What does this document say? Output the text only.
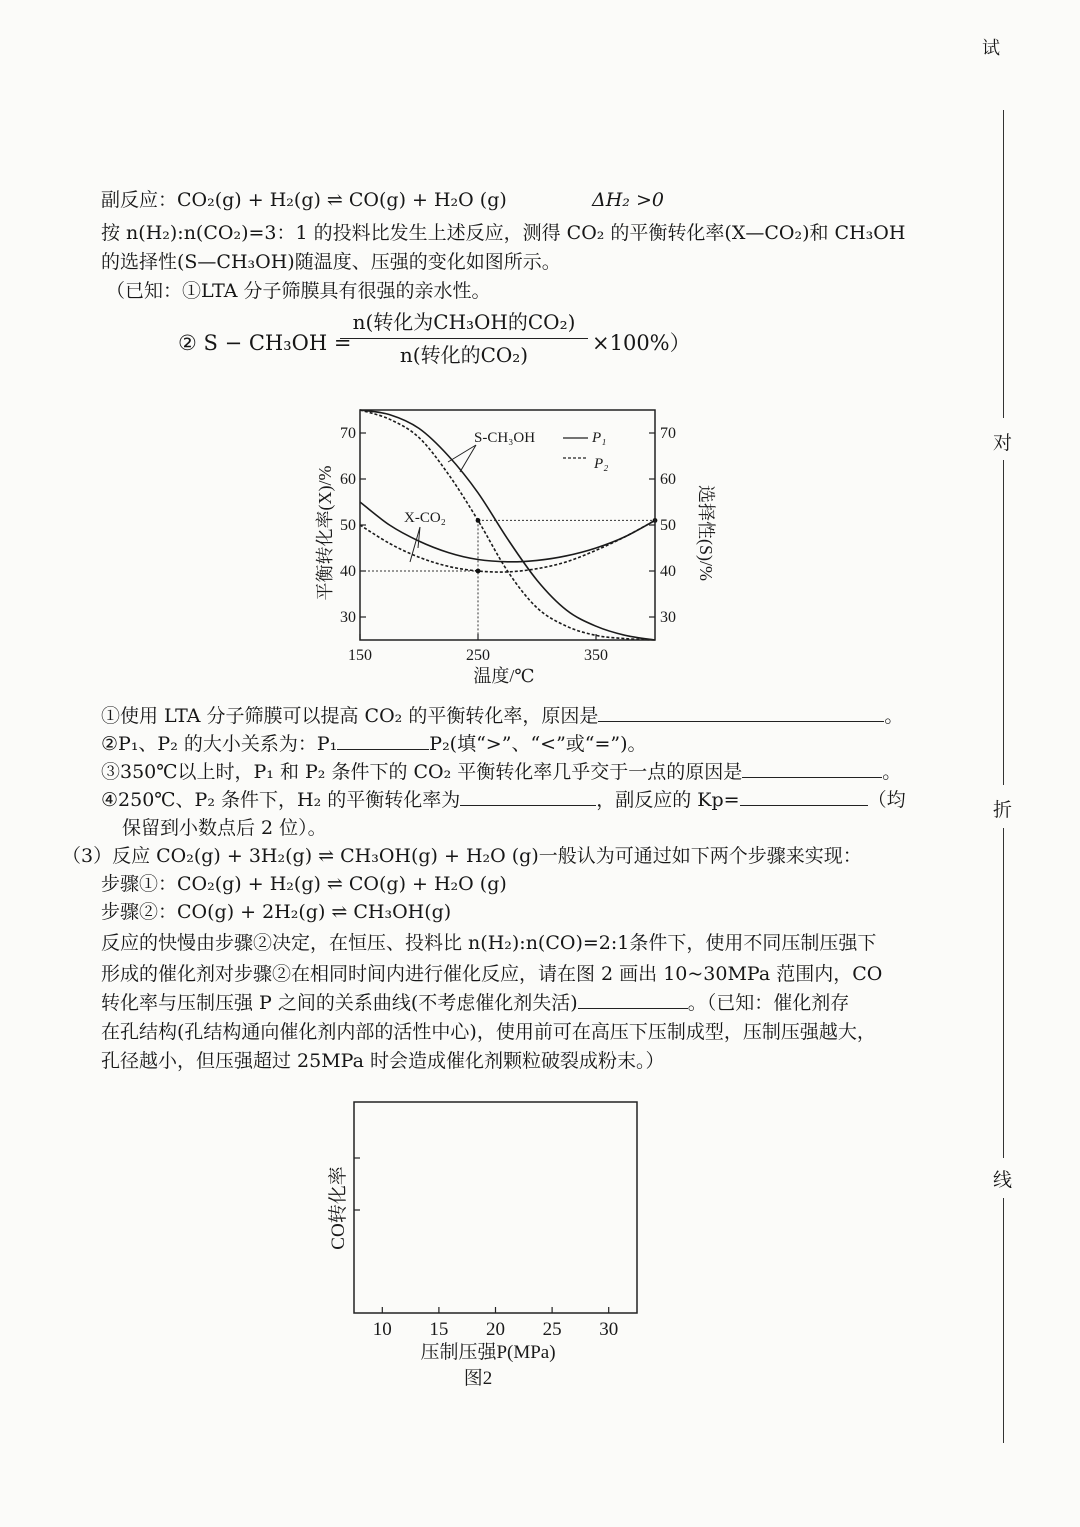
试
对
折
线
副反应：CO₂(g) + H₂(g) ⇌ CO(g) + H₂O (g)	ΔH₂ >0
按 n(H₂):n(CO₂)=3：1 的投料比发生上述反应，测得 CO₂ 的平衡转化率(X—CO₂)和 CH₃OH
的选择性(S—CH₃OH)随温度、压强的变化如图所示。
（已知：①LTA 分子筛膜具有很强的亲水性。
② S − CH₃OH =
n(转化为CH₃OH的CO₂)
n(转化的CO₂)	×100%）
150	250	350
30
40
50
60
70
30
40
50
60
70
平衡转化率(X)/%	选择性(S)/%
温度/℃
S-CH₃OH
X-CO₂
P₁
P₂
①使用 LTA 分子筛膜可以提高 CO₂ 的平衡转化率，原因是	。
②P₁、P₂ 的大小关系为：P₁	P₂(填“>”、“<”或“=”)。
③350℃以上时，P₁ 和 P₂ 条件下的 CO₂ 平衡转化率几乎交于一点的原因是	。
④250℃、P₂ 条件下，H₂ 的平衡转化率为	，副反应的 Kp=	（均
保留到小数点后 2 位）。
（3）反应 CO₂(g) + 3H₂(g) ⇌ CH₃OH(g) + H₂O (g)一般认为可通过如下两个步骤来实现：
步骤①：CO₂(g) + H₂(g) ⇌ CO(g) + H₂O (g)
步骤②：CO(g) + 2H₂(g) ⇌ CH₃OH(g)
反应的快慢由步骤②决定，在恒压、投料比 n(H₂):n(CO)=2:1条件下，使用不同压制压强下
形成的催化剂对步骤②在相同时间内进行催化反应，请在图 2 画出 10~30MPa 范围内，CO
转化率与压制压强 P 之间的关系曲线(不考虑催化剂失活)	。（已知：催化剂存
在孔结构(孔结构通向催化剂内部的活性中心)，使用前可在高压下压制成型，压制压强越大，
孔径越小，但压强超过 25MPa 时会造成催化剂颗粒破裂成粉末。）
10 15 20 25 30
CO转化率
压制压强P(MPa)
图2
